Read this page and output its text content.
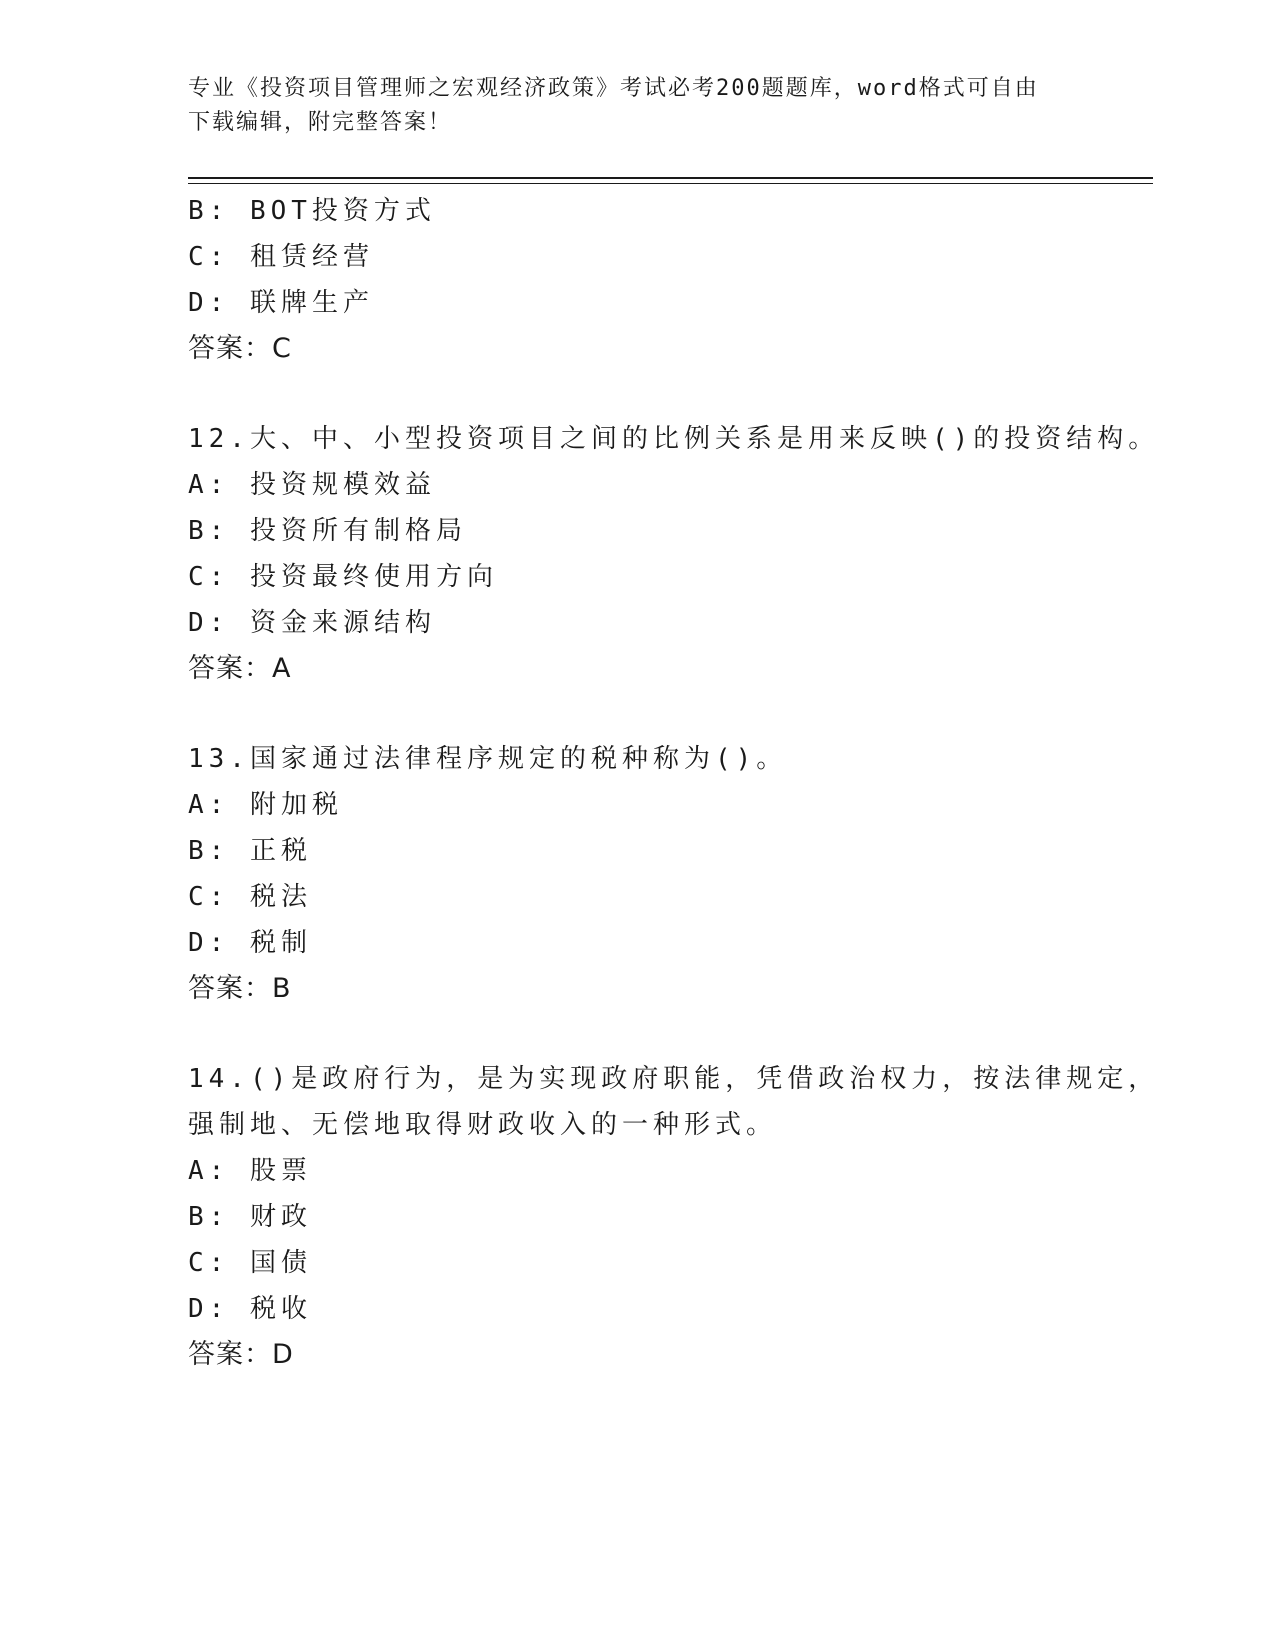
专业《投资项目管理师之宏观经济政策》考试必考200题题库，word格式可自由
下载编辑，附完整答案！
B: BOT投资方式
C: 租赁经营
D: 联牌生产
答案：C
12.大、中、小型投资项目之间的比例关系是用来反映()的投资结构。
A: 投资规模效益
B: 投资所有制格局
C: 投资最终使用方向
D: 资金来源结构
答案：A
13.国家通过法律程序规定的税种称为()。
A: 附加税
B: 正税
C: 税法
D: 税制
答案：B
14.()是政府行为，是为实现政府职能，凭借政治权力，按法律规定，
强制地、无偿地取得财政收入的一种形式。
A: 股票
B: 财政
C: 国债
D: 税收
答案：D
